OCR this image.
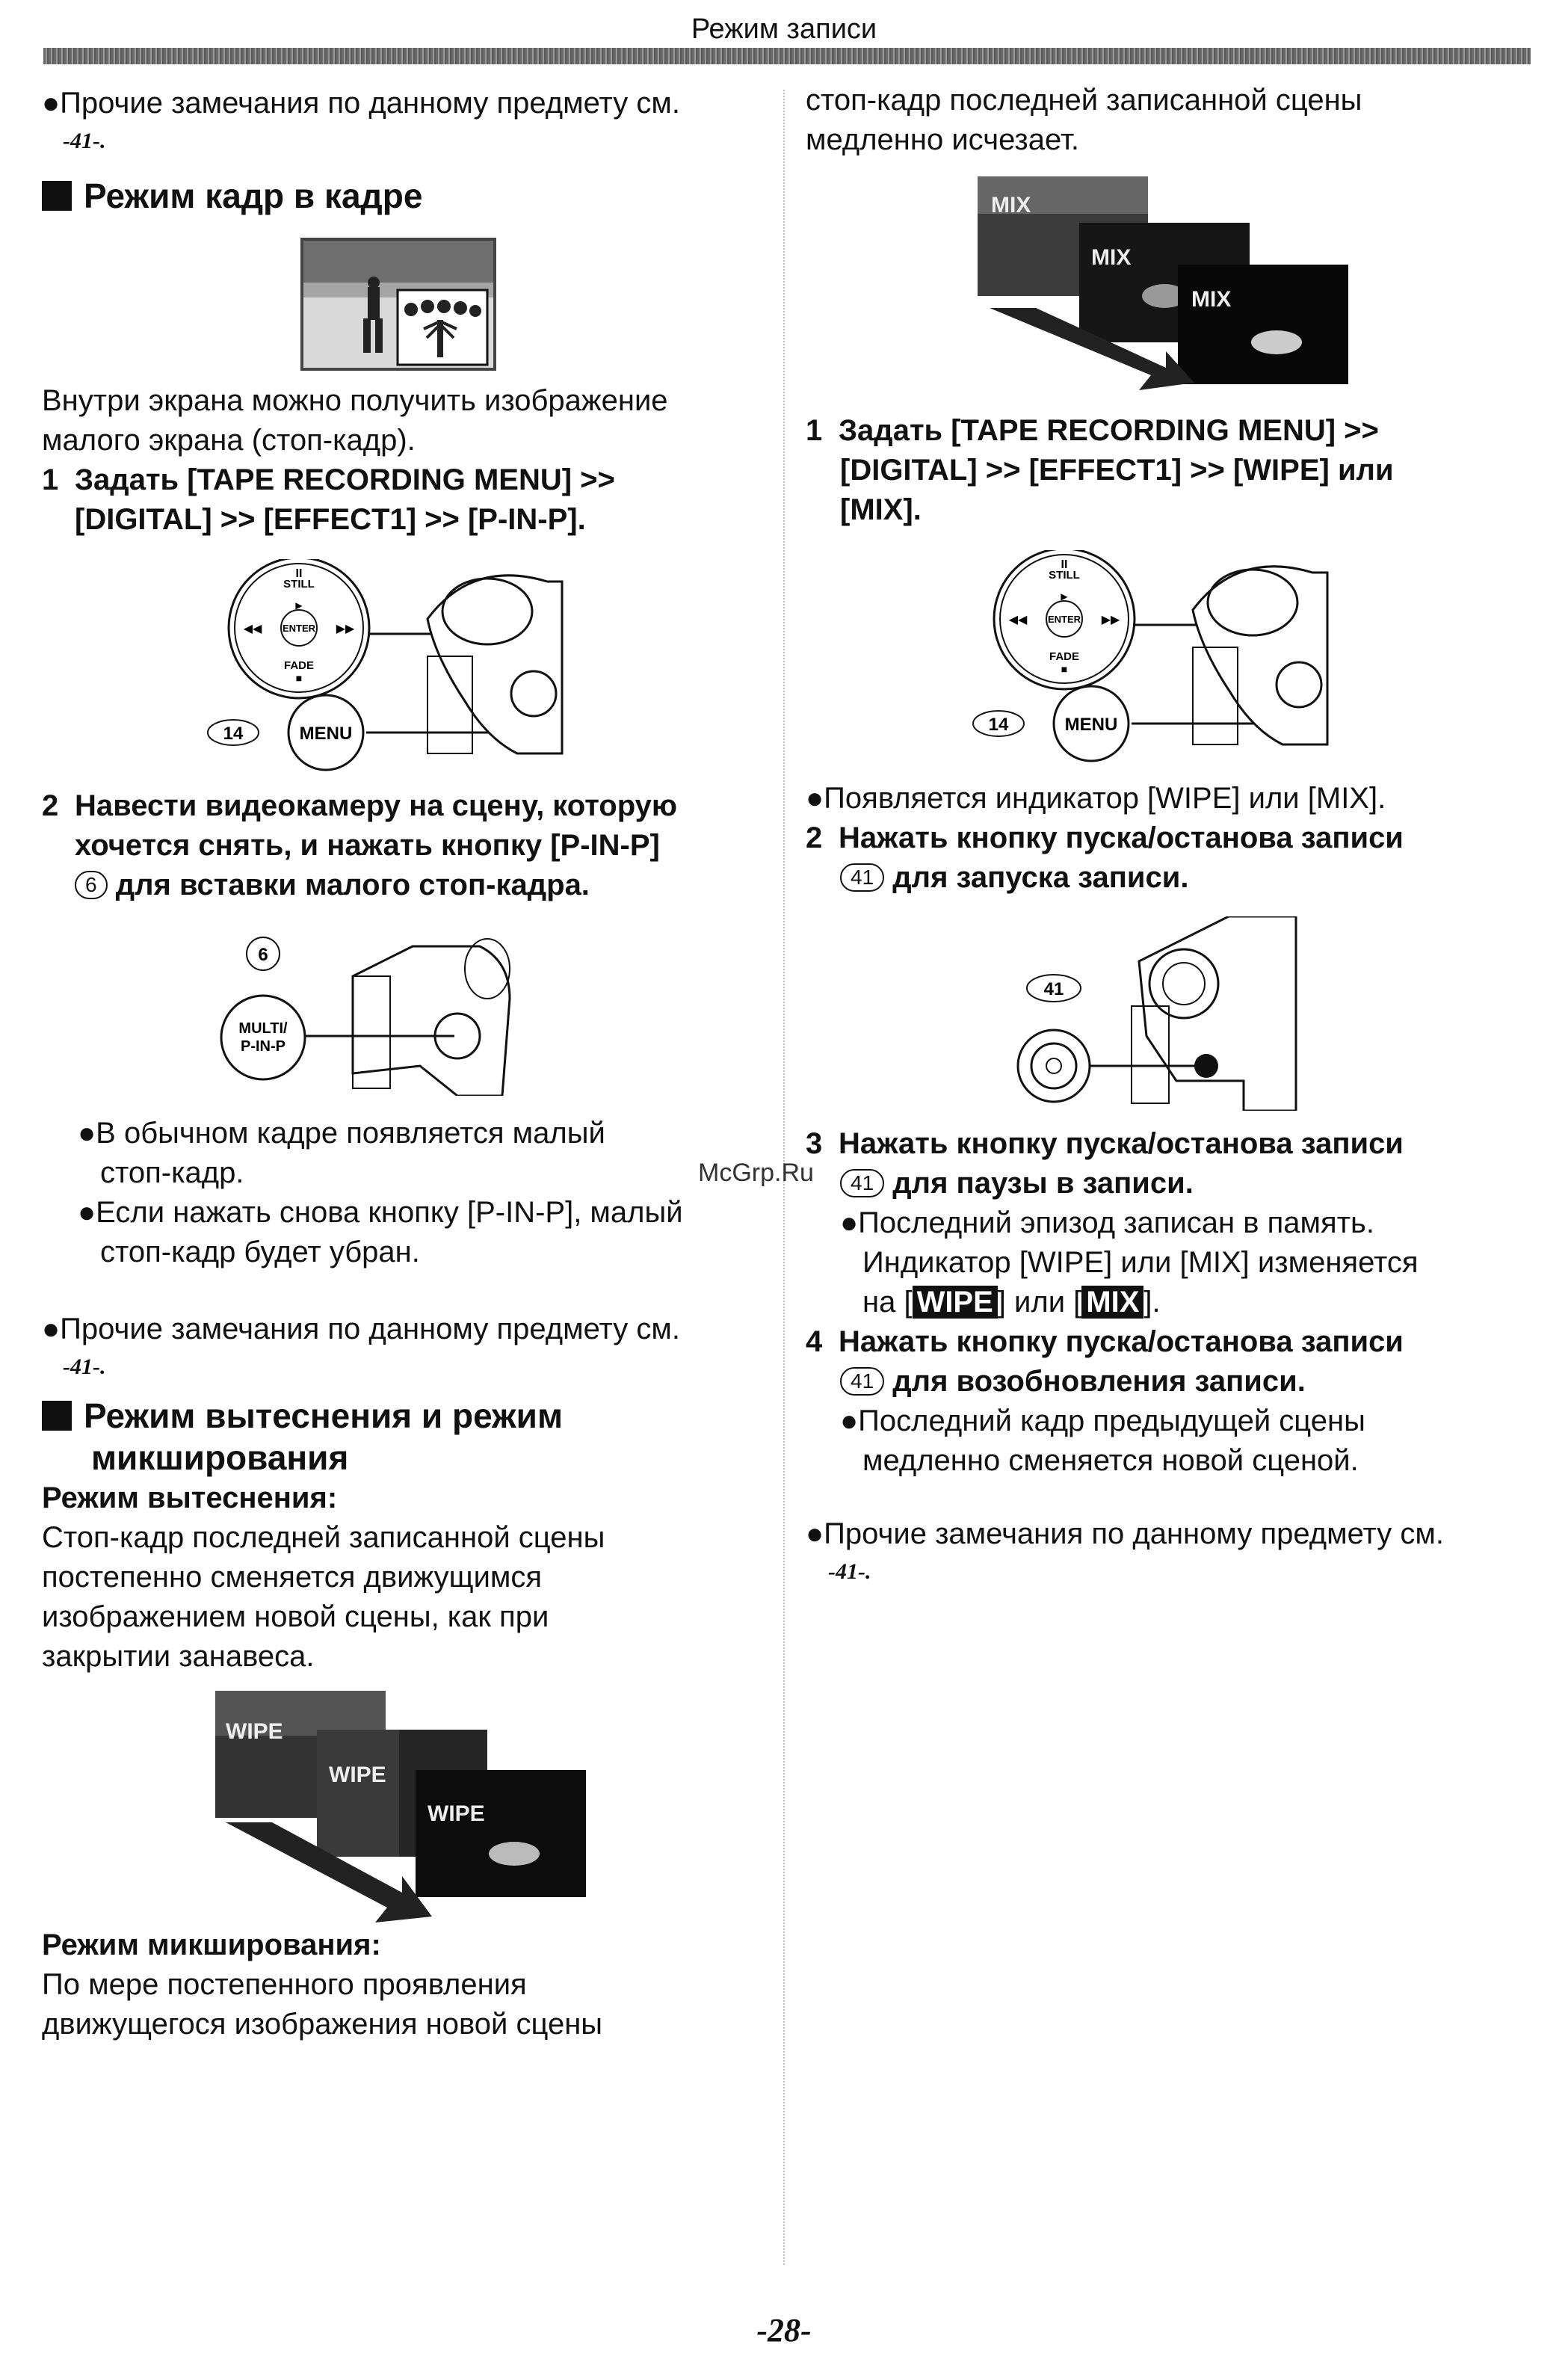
Режим записи
●Прочие замечания по данному предмету см.
-41-.
Режим кадр в кадре
Внутри экрана можно получить изображение
малого экрана (стоп-кадр).
1 Задать [TAPE RECORDING MENU] >>
[DIGITAL] >> [EFFECT1] >> [P-IN-P].
ENTER
STILL
FADE
II
■
◀◀	▶▶
▶
14	MENU
2 Навести видеокамеру на сцену, которую
хочется снять, и нажать кнопку [P-IN-P]
6 для вставки малого стоп-кадра.
6
MULTI/
P-IN-P
●В обычном кадре появляется малый
стоп-кадр.
●Если нажать снова кнопку [P-IN-P], малый
стоп-кадр будет убран.
●Прочие замечания по данному предмету см.
-41-.
Режим вытеснения и режим
микширования
Режим вытеснения:
Стоп-кадр последней записанной сцены
постепенно сменяется движущимся
изображением новой сцены, как при
закрытии занавеса.
WIPE
WIPE
WIPE
Режим микширования:
По мере постепенного проявления
движущегося изображения новой сцены
стоп-кадр последней записанной сцены
медленно исчезает.
MIX
MIX
MIX
1 Задать [TAPE RECORDING MENU] >>
[DIGITAL] >> [EFFECT1] >> [WIPE] или
[MIX].
ENTER
STILL
FADE
II
■
◀◀	▶▶
▶
14	MENU
●Появляется индикатор [WIPE] или [MIX].
2 Нажать кнопку пуска/останова записи
41 для запуска записи.
41
3 Нажать кнопку пуска/останова записи
41 для паузы в записи.
●Последний эпизод записан в память.
Индикатор [WIPE] или [MIX] изменяется
на [ WIPE ] или [ MIX ].
4 Нажать кнопку пуска/останова записи
41 для возобновления записи.
●Последний кадр предыдущей сцены
медленно сменяется новой сценой.
●Прочие замечания по данному предмету см.
-41-.
McGrp.Ru
-28-
